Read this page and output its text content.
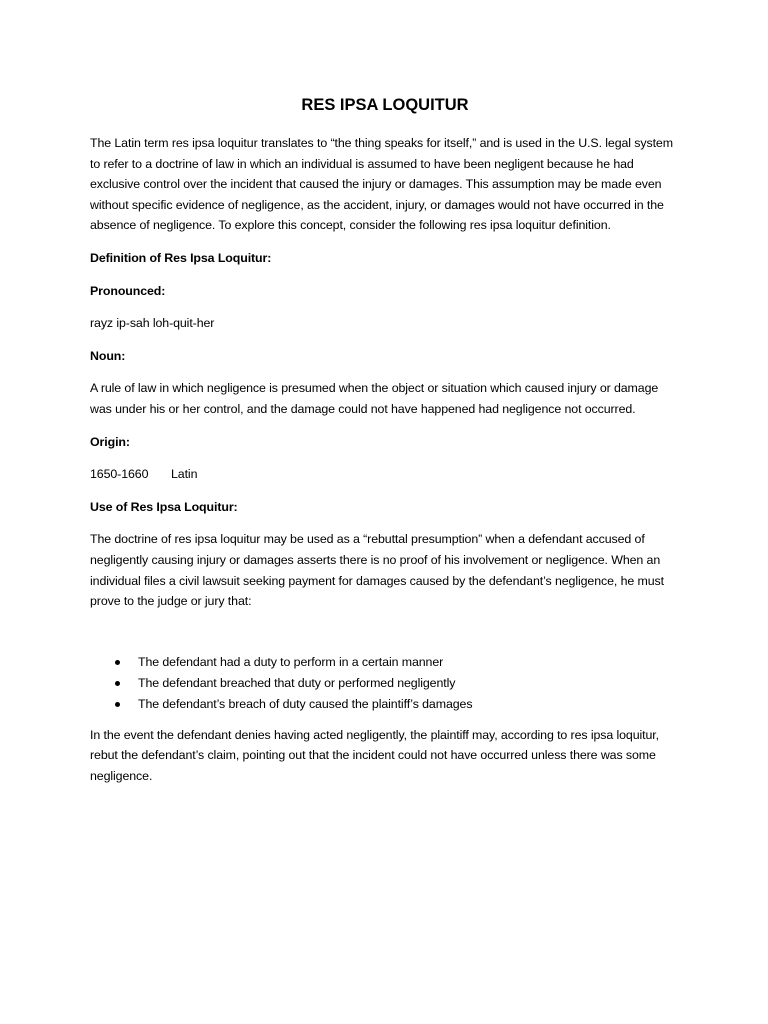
RES IPSA LOQUITUR

The Latin term res ipsa loquitur translates to “the thing speaks for itself,” and is used in the U.S. legal system to refer to a doctrine of law in which an individual is assumed to have been negligent because he had exclusive control over the incident that caused the injury or damages. This assumption may be made even without specific evidence of negligence, as the accident, injury, or damages would not have occurred in the absence of negligence. To explore this concept, consider the following res ipsa loquitur definition.

Definition of Res Ipsa Loquitur:

Pronounced:

rayz ip-sah loh-quit-her

Noun:

A rule of law in which negligence is presumed when the object or situation which caused injury or damage was under his or her control, and the damage could not have happened had negligence not occurred.

Origin:

1650-1660 Latin

Use of Res Ipsa Loquitur:

The doctrine of res ipsa loquitur may be used as a “rebuttal presumption” when a defendant accused of negligently causing injury or damages asserts there is no proof of his involvement or negligence. When an individual files a civil lawsuit seeking payment for damages caused by the defendant’s negligence, he must prove to the judge or jury that:

The defendant had a duty to perform in a certain manner
The defendant breached that duty or performed negligently
The defendant’s breach of duty caused the plaintiff’s damages

In the event the defendant denies having acted negligently, the plaintiff may, according to res ipsa loquitur, rebut the defendant’s claim, pointing out that the incident could not have occurred unless there was some negligence.
